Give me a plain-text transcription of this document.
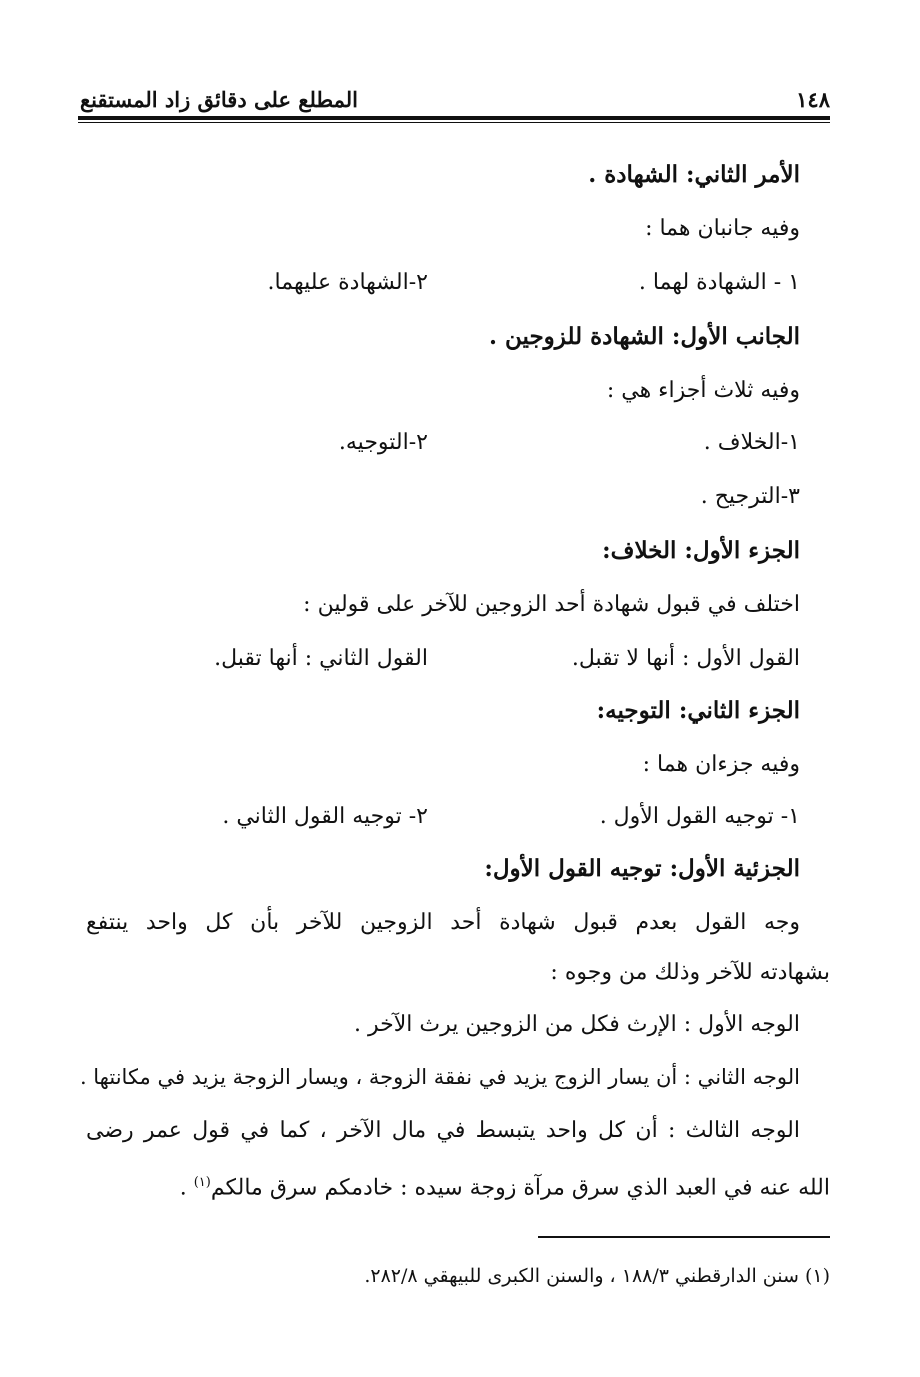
١٤٨
المطلع على دقائق زاد المستقنع
الأمر الثاني: الشهادة .
وفيه جانبان هما :
١ - الشهادة لهما .
٢-الشهادة عليهما.
الجانب الأول: الشهادة للزوجين .
وفيه ثلاث أجزاء هي :
١-الخلاف .
٢-التوجيه.
٣-الترجيح .
الجزء الأول: الخلاف:
اختلف في قبول شهادة أحد الزوجين للآخر على قولين :
القول الأول : أنها لا تقبل.
القول الثاني : أنها تقبل.
الجزء الثاني: التوجيه:
وفيه جزءان هما :
١- توجيه القول الأول .
٢- توجيه القول الثاني .
الجزئية الأول: توجيه القول الأول:
وجه القول بعدم قبول شهادة أحد الزوجين للآخر بأن كل واحد ينتفع
بشهادته للآخر وذلك من وجوه :
الوجه الأول : الإرث فكل من الزوجين يرث الآخر .
الوجه الثاني : أن يسار الزوج يزيد في نفقة الزوجة ، ويسار الزوجة يزيد في مكانتها .
الوجه الثالث : أن كل واحد يتبسط في مال الآخر ، كما في قول عمر رضى
الله عنه في العبد الذي سرق مرآة زوجة سيده : خادمكم سرق مالكم$^{(١)}$ .
(١) سنن الدارقطني ١٨٨/٣ ، والسنن الكبرى للبيهقي ٢٨٢/٨.
